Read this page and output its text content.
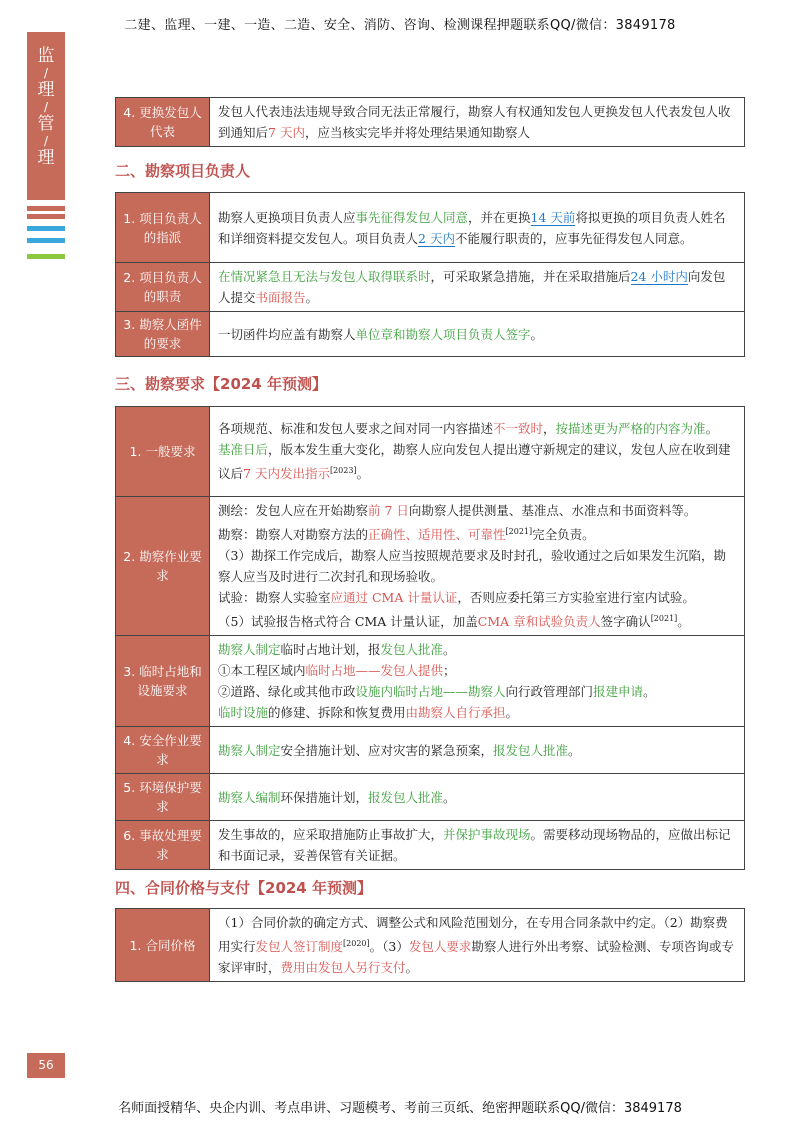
二建、监理、一建、一造、二造、安全、消防、咨询、检测课程押题联系QQ/微信：3849178
监
/
理
/
管
/
理
4. 更换发包人代表	发包人代表违法违规导致合同无法正常履行，勘察人有权通知发包人更换发包人代表发包人收到通知后7 天内，应当核实完毕并将处理结果通知勘察人
二、勘察项目负责人
1. 项目负责人的指派	勘察人更换项目负责人应事先征得发包人同意，并在更换14 天前将拟更换的项目负责人姓名和详细资料提交发包人。项目负责人2 天内不能履行职责的，应事先征得发包人同意。
2. 项目负责人的职责	在情况紧急且无法与发包人取得联系时，可采取紧急措施，并在采取措施后24 小时内向发包人提交书面报告。
3. 勘察人函件的要求	一切函件均应盖有勘察人单位章和勘察人项目负责人签字。
三、勘察要求【2024 年预测】
1. 一般要求	各项规范、标准和发包人要求之间对同一内容描述不一致时，按描述更为严格的内容为准。
基准日后，版本发生重大变化，勘察人应向发包人提出遵守新规定的建议，发包人应在收到建议后7 天内发出指示[2023]。
2. 勘察作业要求	测绘：发包人应在开始勘察前 7 日向勘察人提供测量、基准点、水准点和书面资料等。
勘察：勘察人对勘察方法的正确性、适用性、可靠性[2021]完全负责。
（3）勘探工作完成后，勘察人应当按照规范要求及时封孔，验收通过之后如果发生沉陷，勘察人应当及时进行二次封孔和现场验收。
试验：勘察人实验室应通过 CMA 计量认证，否则应委托第三方实验室进行室内试验。
（5）试验报告格式符合 CMA 计量认证，加盖CMA 章和试验负责人签字确认[2021]。
3. 临时占地和设施要求	勘察人制定临时占地计划，报发包人批准。
①本工程区域内临时占地——发包人提供；
②道路、绿化或其他市政设施内临时占地——勘察人向行政管理部门报建申请。
临时设施的修建、拆除和恢复费用由勘察人自行承担。
4. 安全作业要求	勘察人制定安全措施计划、应对灾害的紧急预案，报发包人批准。
5. 环境保护要求	勘察人编制环保措施计划，报发包人批准。
6. 事故处理要求	发生事故的，应采取措施防止事故扩大，并保护事故现场。需要移动现场物品的，应做出标记和书面记录，妥善保管有关证据。
四、合同价格与支付【2024 年预测】
1. 合同价格	（1）合同价款的确定方式、调整公式和风险范围划分，在专用合同条款中约定。（2）勘察费用实行发包人签订制度[2020]。（3）发包人要求勘察人进行外出考察、试验检测、专项咨询或专家评审时，费用由发包人另行支付。
56
名师面授精华、央企内训、考点串讲、习题模考、考前三页纸、绝密押题联系QQ/微信：3849178
